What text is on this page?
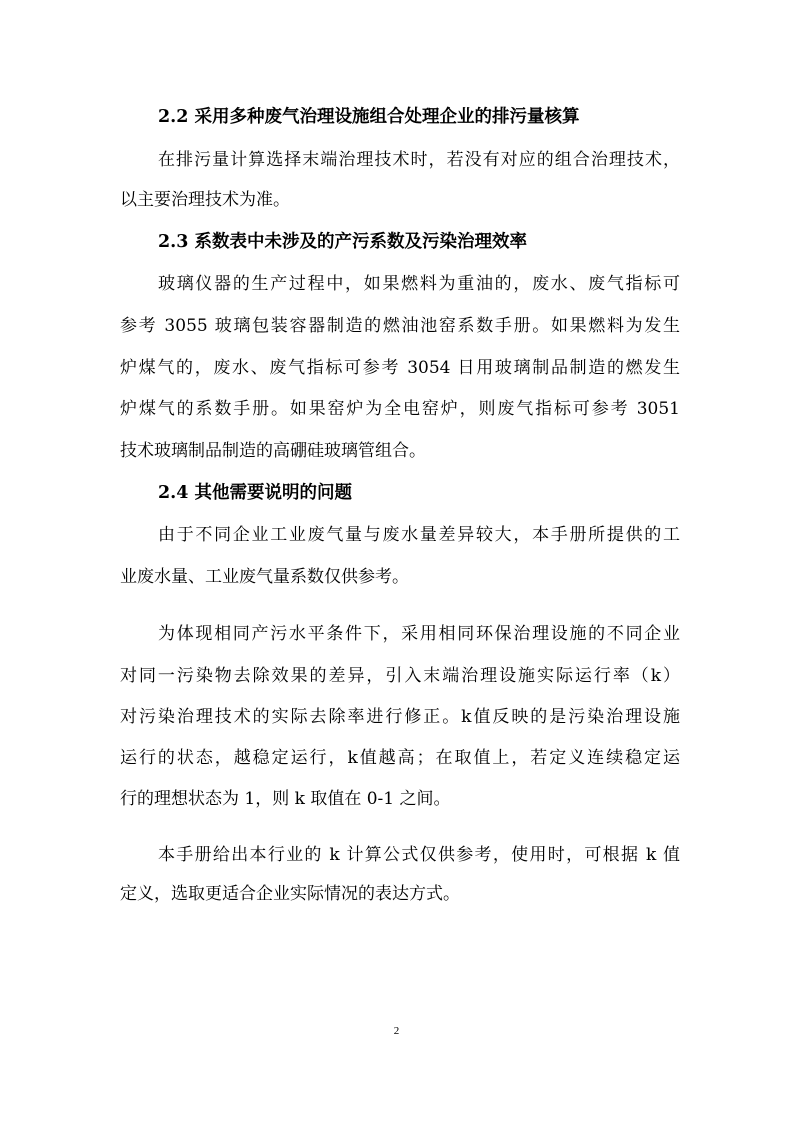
2.2 采用多种废气治理设施组合处理企业的排污量核算
在排污量计算选择末端治理技术时，若没有对应的组合治理技术，
以主要治理技术为准。
2.3 系数表中未涉及的产污系数及污染治理效率
玻璃仪器的生产过程中，如果燃料为重油的，废水、废气指标可
参考 3055 玻璃包装容器制造的燃油池窑系数手册。如果燃料为发生
炉煤气的，废水、废气指标可参考 3054 日用玻璃制品制造的燃发生
炉煤气的系数手册。如果窑炉为全电窑炉，则废气指标可参考 3051
技术玻璃制品制造的高硼硅玻璃管组合。
2.4 其他需要说明的问题
由于不同企业工业废气量与废水量差异较大，本手册所提供的工
业废水量、工业废气量系数仅供参考。
为体现相同产污水平条件下，采用相同环保治理设施的不同企业
对同一污染物去除效果的差异，引入末端治理设施实际运行率（k）
对污染治理技术的实际去除率进行修正。k值反映的是污染治理设施
运行的状态，越稳定运行，k值越高；在取值上，若定义连续稳定运
行的理想状态为 1，则 k 取值在 0-1 之间。
本手册给出本行业的 k 计算公式仅供参考，使用时，可根据 k 值
定义，选取更适合企业实际情况的表达方式。
2
